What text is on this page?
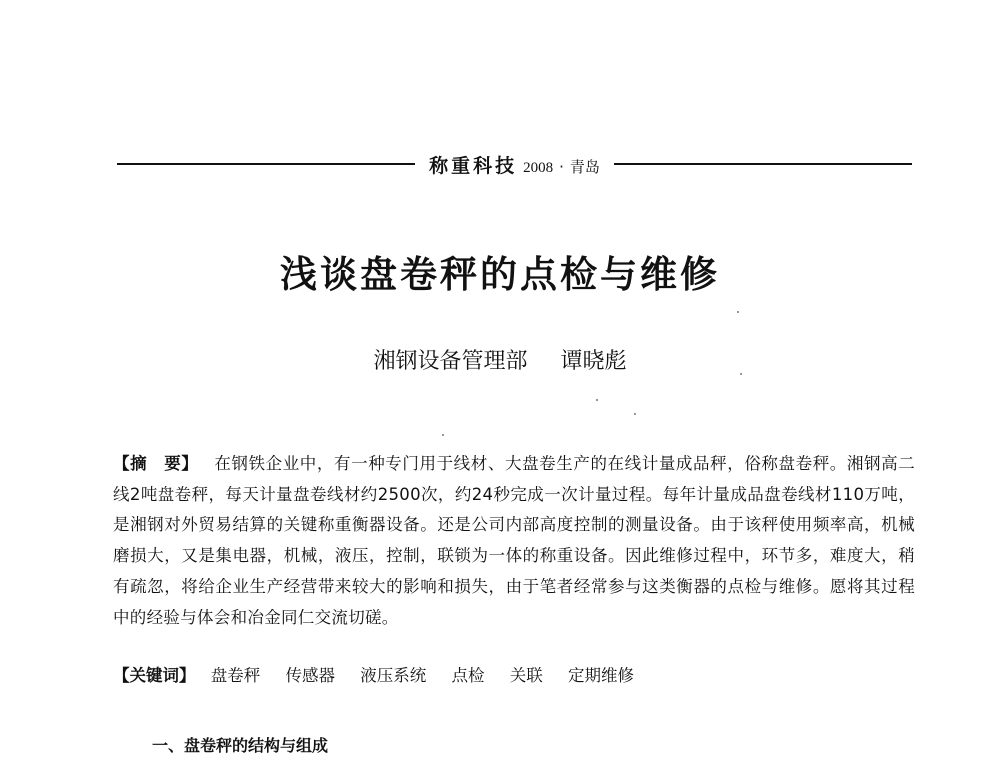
称重科技 2008 · 青岛
浅谈盘卷秤的点检与维修
湘钢设备管理部 谭晓彪
【摘　要】 在钢铁企业中，有一种专门用于线材、大盘卷生产的在线计量成品秤，俗称盘卷秤。湘钢高二线2吨盘卷秤，每天计量盘卷线材约2500次，约24秒完成一次计量过程。每年计量成品盘卷线材110万吨，是湘钢对外贸易结算的关键称重衡器设备。还是公司内部高度控制的测量设备。由于该秤使用频率高，机械磨损大，又是集电器，机械，液压，控制，联锁为一体的称重设备。因此维修过程中，环节多，难度大，稍有疏忽，将给企业生产经营带来较大的影响和损失，由于笔者经常参与这类衡器的点检与维修。愿将其过程中的经验与体会和冶金同仁交流切磋。
【关键词】 盘卷秤 传感器 液压系统 点检 关联 定期维修
一、盘卷秤的结构与组成
